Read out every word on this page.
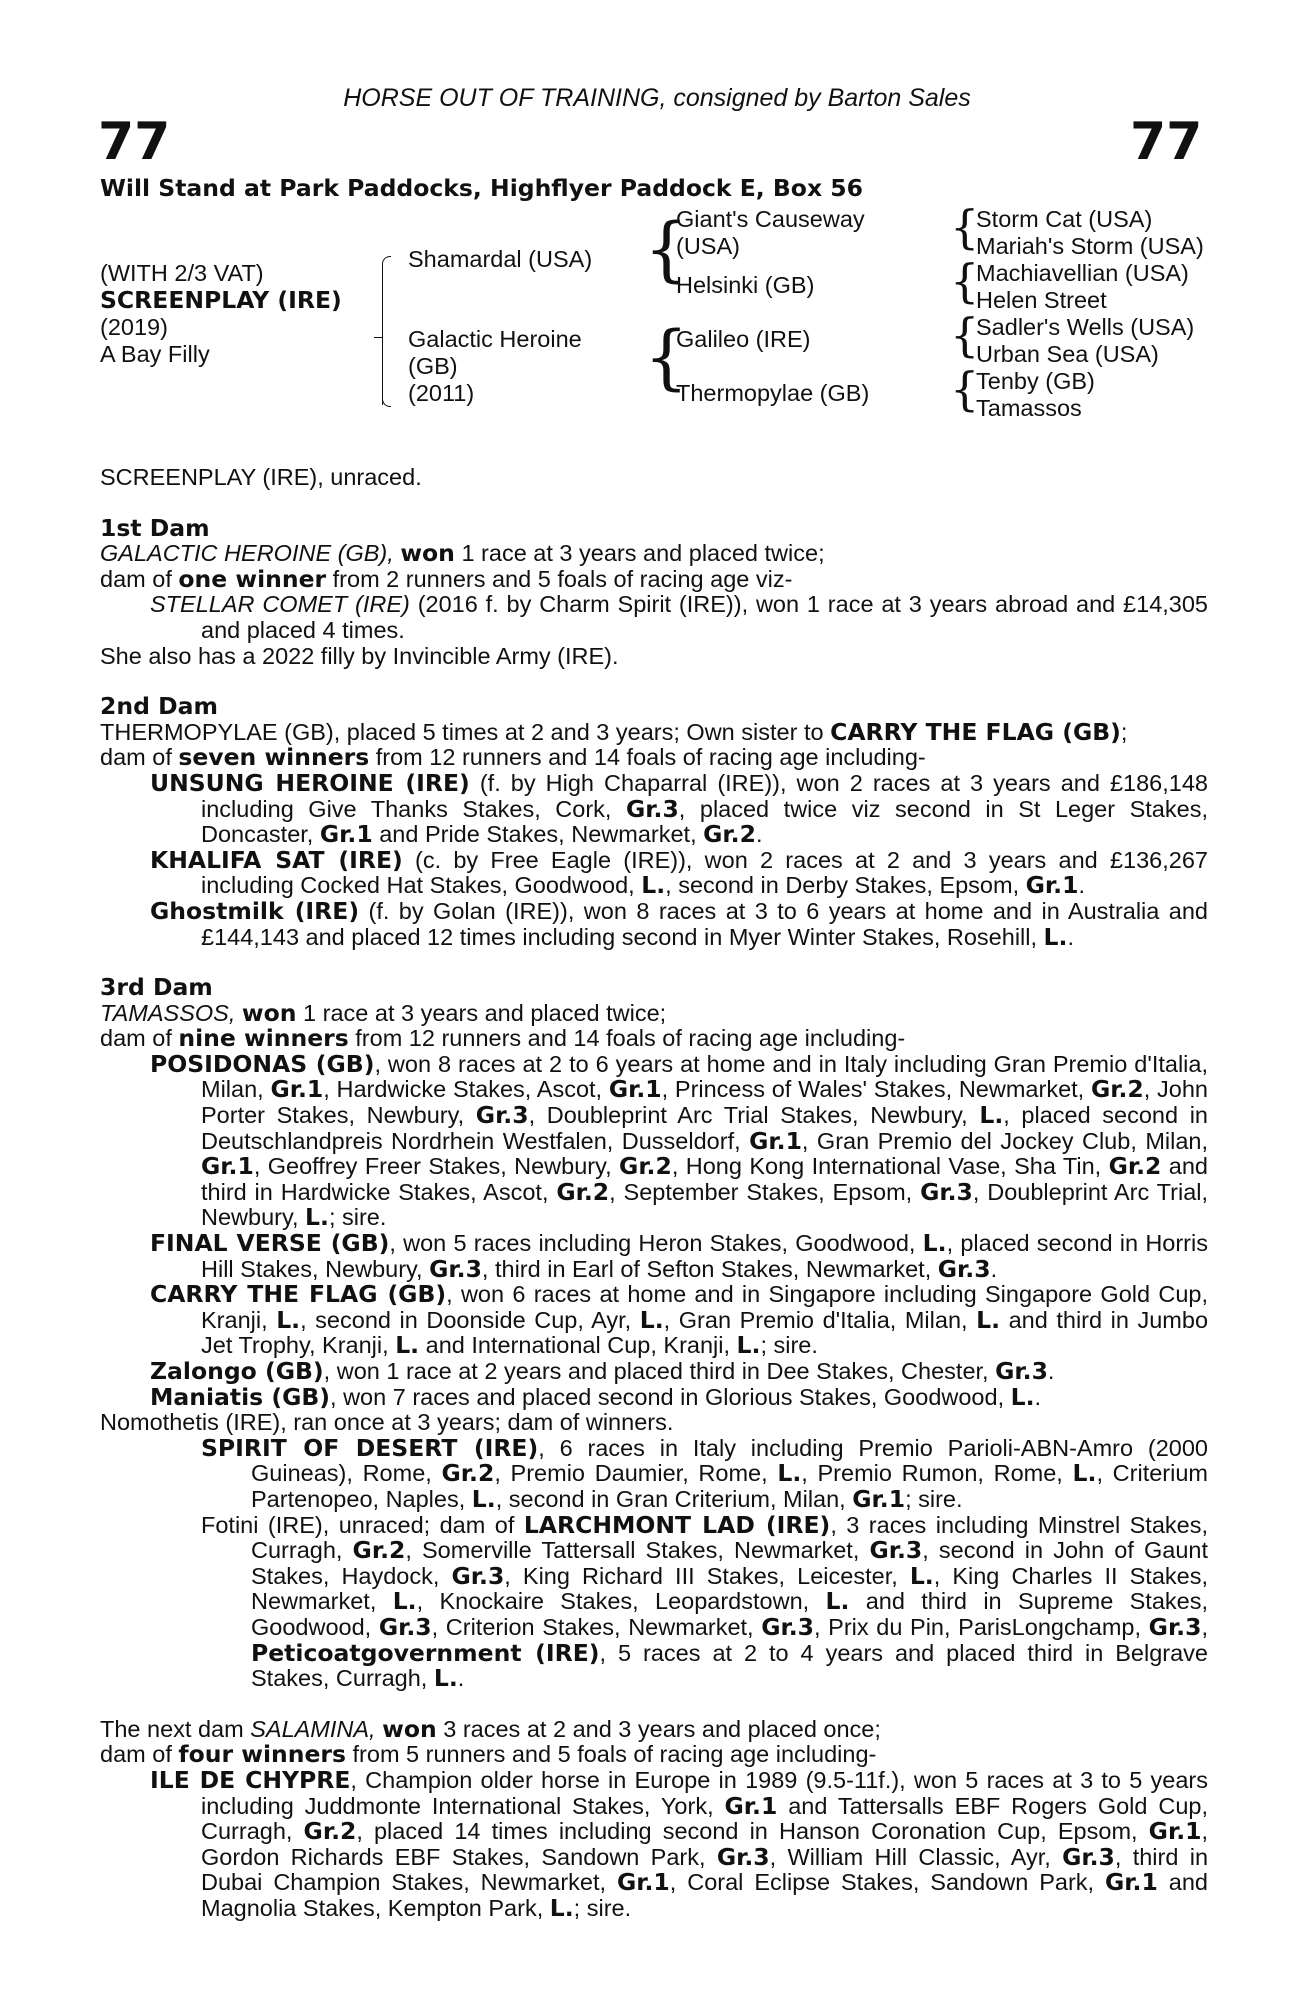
HORSE OUT OF TRAINING, consigned by Barton Sales
77	77
Will Stand at Park Paddocks, Highflyer Paddock E, Box 56
(WITH 2/3 VAT)
SCREENPLAY (IRE)
(2019)
A Bay Filly
Shamardal (USA)
Galactic Heroine
(GB)
(2011)
{
Giant's Causeway
(USA)
Helsinki (GB)
{
Galileo (IRE)
Thermopylae (GB)
{
Storm Cat (USA)
Mariah's Storm (USA)
{
Machiavellian (USA)
Helen Street
{
Sadler's Wells (USA)
Urban Sea (USA)
{
Tenby (GB)
Tamassos

SCREENPLAY (IRE), unraced.

1st Dam

GALACTIC HEROINE (GB), won 1 race at 3 years and placed twice;

dam of one winner from 2 runners and 5 foals of racing age viz-

STELLAR COMET (IRE) (2016 f. by Charm Spirit (IRE)), won 1 race at 3 years abroad and £14,305 and placed 4 times.

She also has a 2022 filly by Invincible Army (IRE).

2nd Dam

THERMOPYLAE (GB), placed 5 times at 2 and 3 years; Own sister to CARRY THE FLAG (GB);

dam of seven winners from 12 runners and 14 foals of racing age including-

UNSUNG HEROINE (IRE) (f. by High Chaparral (IRE)), won 2 races at 3 years and £186,148 including Give Thanks Stakes, Cork, Gr.3, placed twice viz second in St Leger Stakes, Doncaster, Gr.1 and Pride Stakes, Newmarket, Gr.2.

KHALIFA SAT (IRE) (c. by Free Eagle (IRE)), won 2 races at 2 and 3 years and £136,267 including Cocked Hat Stakes, Goodwood, L., second in Derby Stakes, Epsom, Gr.1.

Ghostmilk (IRE) (f. by Golan (IRE)), won 8 races at 3 to 6 years at home and in Australia and £144,143 and placed 12 times including second in Myer Winter Stakes, Rosehill, L..

3rd Dam

TAMASSOS, won 1 race at 3 years and placed twice;

dam of nine winners from 12 runners and 14 foals of racing age including-

POSIDONAS (GB), won 8 races at 2 to 6 years at home and in Italy including Gran Premio d'Italia, Milan, Gr.1, Hardwicke Stakes, Ascot, Gr.1, Princess of Wales' Stakes, Newmarket, Gr.2, John Porter Stakes, Newbury, Gr.3, Doubleprint Arc Trial Stakes, Newbury, L., placed second in Deutschlandpreis Nordrhein Westfalen, Dusseldorf, Gr.1, Gran Premio del Jockey Club, Milan, Gr.1, Geoffrey Freer Stakes, Newbury, Gr.2, Hong Kong International Vase, Sha Tin, Gr.2 and third in Hardwicke Stakes, Ascot, Gr.2, September Stakes, Epsom, Gr.3, Doubleprint Arc Trial, Newbury, L.; sire.

FINAL VERSE (GB), won 5 races including Heron Stakes, Goodwood, L., placed second in Horris Hill Stakes, Newbury, Gr.3, third in Earl of Sefton Stakes, Newmarket, Gr.3.

CARRY THE FLAG (GB), won 6 races at home and in Singapore including Singapore Gold Cup, Kranji, L., second in Doonside Cup, Ayr, L., Gran Premio d'Italia, Milan, L. and third in Jumbo Jet Trophy, Kranji, L. and International Cup, Kranji, L.; sire.

Zalongo (GB), won 1 race at 2 years and placed third in Dee Stakes, Chester, Gr.3.

Maniatis (GB), won 7 races and placed second in Glorious Stakes, Goodwood, L..

Nomothetis (IRE), ran once at 3 years; dam of winners.

SPIRIT OF DESERT (IRE), 6 races in Italy including Premio Parioli-ABN-Amro (2000 Guineas), Rome, Gr.2, Premio Daumier, Rome, L., Premio Rumon, Rome, L., Criterium Partenopeo, Naples, L., second in Gran Criterium, Milan, Gr.1; sire.

Fotini (IRE), unraced; dam of LARCHMONT LAD (IRE), 3 races including Minstrel Stakes, Curragh, Gr.2, Somerville Tattersall Stakes, Newmarket, Gr.3, second in John of Gaunt Stakes, Haydock, Gr.3, King Richard III Stakes, Leicester, L., King Charles II Stakes, Newmarket, L., Knockaire Stakes, Leopardstown, L. and third in Supreme Stakes, Goodwood, Gr.3, Criterion Stakes, Newmarket, Gr.3, Prix du Pin, ParisLongchamp, Gr.3, Peticoatgovernment (IRE), 5 races at 2 to 4 years and placed third in Belgrave Stakes, Curragh, L..

The next dam SALAMINA, won 3 races at 2 and 3 years and placed once;

dam of four winners from 5 runners and 5 foals of racing age including-

ILE DE CHYPRE, Champion older horse in Europe in 1989 (9.5-11f.), won 5 races at 3 to 5 years including Juddmonte International Stakes, York, Gr.1 and Tattersalls EBF Rogers Gold Cup, Curragh, Gr.2, placed 14 times including second in Hanson Coronation Cup, Epsom, Gr.1, Gordon Richards EBF Stakes, Sandown Park, Gr.3, William Hill Classic, Ayr, Gr.3, third in Dubai Champion Stakes, Newmarket, Gr.1, Coral Eclipse Stakes, Sandown Park, Gr.1 and Magnolia Stakes, Kempton Park, L.; sire.
